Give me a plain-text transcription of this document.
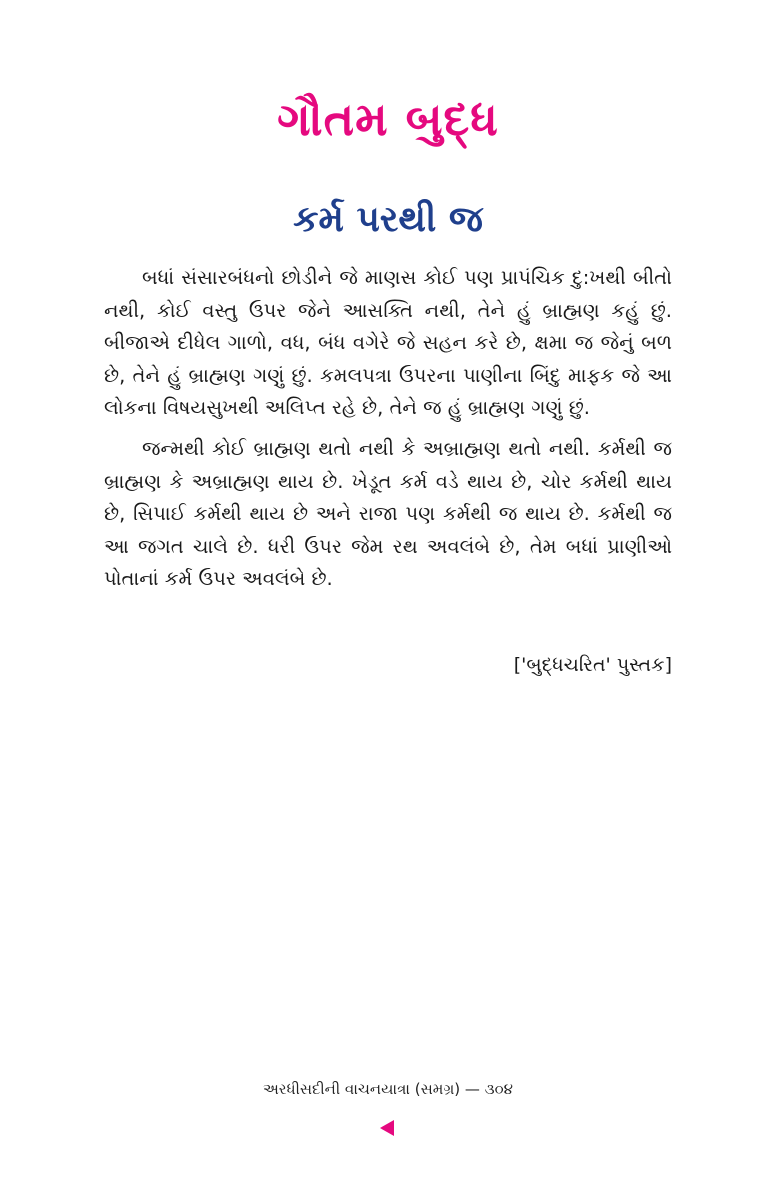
ગૌતમ બુદ્ધ
કર્મ પરથી જ

બધાં સંસારબંધનો છોડીને જે માણસ કોઈ પણ પ્રાપંચિક દુ:ખથી બીતો નથી, કોઈ વસ્તુ ઉપર જેને આસક્તિ નથી, તેને હું બ્રાહ્મણ કહું છું. બીજાએ દીધેલ ગાળો, વધ, બંધ વગેરે જે સહન કરે છે, ક્ષમા જ જેનું બળ છે, તેને હું બ્રાહ્મણ ગણું છું. કમલપત્રા ઉપરના પાણીના બિંદુ માફક જે આ લોકના વિષયસુખથી અલિપ્ત રહે છે, તેને જ હું બ્રાહ્મણ ગણું છું.

જન્મથી કોઈ બ્રાહ્મણ થતો નથી કે અબ્રાહ્મણ થતો નથી. કર્મથી જ બ્રાહ્મણ કે અબ્રાહ્મણ થાય છે. ખેડૂત કર્મ વડે થાય છે, ચોર કર્મથી થાય છે, સિપાઈ કર્મથી થાય છે અને રાજા પણ કર્મથી જ થાય છે. કર્મથી જ આ જગત ચાલે છે. ધરી ઉપર જેમ રથ અવલંબે છે, તેમ બધાં પ્રાણીઓ પોતાનાં કર્મ ઉપર અવલંબે છે.

['બુદ્ધચરિત' પુસ્તક]
અરધીસદીની વાચનયાત્રા (સમગ્ર) — ૩૦૪
